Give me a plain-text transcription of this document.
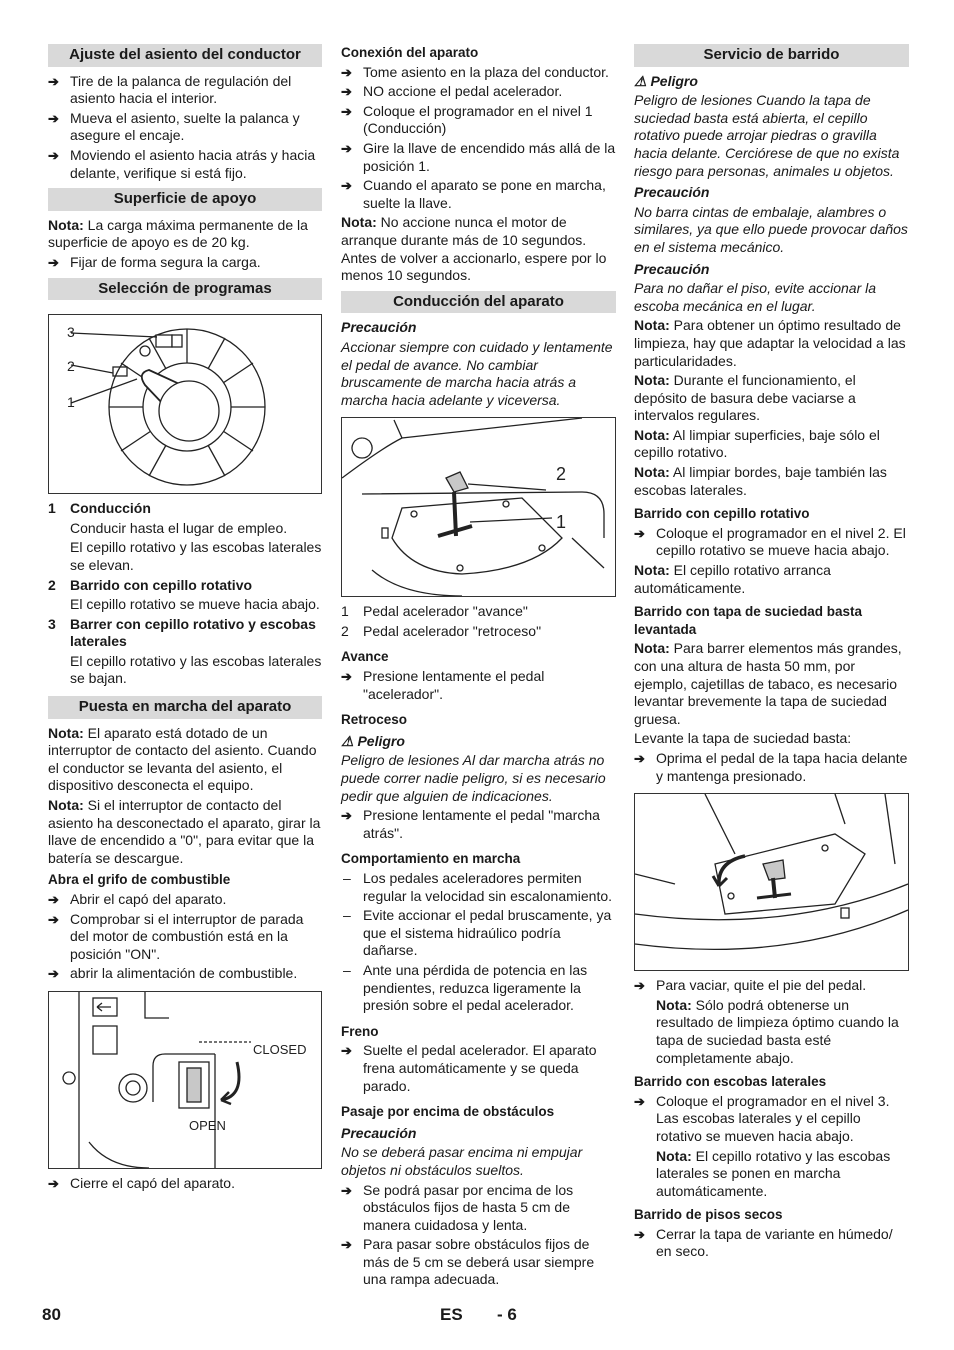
Ajuste del asiento del conductor
➔ Tire de la palanca de regulación del asiento hacia el interior.
➔ Mueva el asiento, suelte la palanca y asegure el encaje.
➔ Moviendo el asiento hacia atrás y hacia delante, verifique si está fijo.
Superficie de apoyo

Nota: La carga máxima permanente de la superficie de apoyo es de 20 kg.

➔ Fijar de forma segura la carga.
Selección de programas
3
2
1
1 Conducción
Conducir hasta el lugar de empleo.
El cepillo rotativo y las escobas laterales se elevan.
2 Barrido con cepillo rotativo
El cepillo rotativo se mueve hacia abajo.
3 Barrer con cepillo rotativo y escobas laterales
El cepillo rotativo y las escobas laterales se bajan.
Puesta en marcha del aparato

Nota: El aparato está dotado de un interruptor de contacto del asiento. Cuando el conductor se levanta del asiento, el dispositivo desconecta el equipo.

Nota: Si el interruptor de contacto del asiento ha desconectado el aparato, girar la llave de encendido a "0", para evitar que la batería se descargue.

Abra el grifo de combustible
➔ Abrir el capó del aparato.
➔ Comprobar si el interruptor de parada del motor de combustión está en la posición "ON".
➔ abrir la alimentación de combustible.
CLOSED
OPEN
➔ Cierre el capó del aparato.
Conexión del aparato
➔ Tome asiento en la plaza del conductor.
➔ NO accione el pedal acelerador.
➔ Coloque el programador en el nivel 1 (Conducción)
➔ Gire la llave de encendido más allá de la posición 1.
➔ Cuando el aparato se pone en marcha, suelte la llave.

Nota: No accione nunca el motor de arranque durante más de 10 segundos. Antes de volver a accionarlo, espere por lo menos 10 segundos.

Conducción del aparato
Precaución

Accionar siempre con cuidado y lentamente el pedal de avance. No cambiar bruscamente de marcha hacia atrás a marcha hacia adelante y viceversa.

2
1
1 Pedal acelerador "avance"
2 Pedal acelerador "retroceso"
Avance
➔ Presione lentamente el pedal "acelerador".
Retroceso
⚠ Peligro

Peligro de lesiones Al dar marcha atrás no puede correr nadie peligro, si es necesario pedir que alguien de indicaciones.

➔ Presione lentamente el pedal "marcha atrás".
Comportamiento en marcha
– Los pedales aceleradores permiten regular la velocidad sin escalonamiento.
– Evite accionar el pedal bruscamente, ya que el sistema hidraúlico podría dañarse.
– Ante una pérdida de potencia en las pendientes, reduzca ligeramente la presión sobre el pedal acelerador.
Freno
➔ Suelte el pedal acelerador. El aparato frena automáticamente y se queda parado.
Pasaje por encima de obstáculos
Precaución

No se deberá pasar encima ni empujar objetos ni obstáculos sueltos.

➔ Se podrá pasar por encima de los obstáculos fijos de hasta 5 cm de manera cuidadosa y lenta.
➔ Para pasar sobre obstáculos fijos de más de 5 cm se deberá usar siempre una rampa adecuada.
Servicio de barrido
⚠ Peligro

Peligro de lesiones Cuando la tapa de suciedad basta está abierta, el cepillo rotativo puede arrojar piedras o gravilla hacia delante. Cerciórese de que no exista riesgo para personas, animales u objetos.

Precaución

No barra cintas de embalaje, alambres o similares, ya que ello puede provocar daños en el sistema mecánico.

Precaución

Para no dañar el piso, evite accionar la escoba mecánica en el lugar.

Nota: Para obtener un óptimo resultado de limpieza, hay que adaptar la velocidad a las particularidades.

Nota: Durante el funcionamiento, el depósito de basura debe vaciarse a intervalos regulares.

Nota: Al limpiar superficies, baje sólo el cepillo rotativo.

Nota: Al limpiar bordes, baje también las escobas laterales.

Barrido con cepillo rotativo
➔ Coloque el programador en el nivel 2. El cepillo rotativo se mueve hacia abajo.

Nota: El cepillo rotativo arranca automáticamente.

Barrido con tapa de suciedad basta levantada

Nota: Para barrer elementos más grandes, con una altura de hasta 50 mm, por ejemplo, cajetillas de tabaco, es necesario levantar brevemente la tapa de suciedad gruesa.

Levante la tapa de suciedad basta:

➔ Oprima el pedal de la tapa hacia delante y mantenga presionado.
➔ Para vaciar, quite el pie del pedal.

Nota: Sólo podrá obtenerse un resultado de limpieza óptimo cuando la tapa de suciedad basta esté completamente abajo.

Barrido con escobas laterales
➔ Coloque el programador en el nivel 3. Las escobas laterales y el cepillo rotativo se mueven hacia abajo.

Nota: El cepillo rotativo y las escobas laterales se ponen en marcha automáticamente.

Barrido de pisos secos
➔ Cerrar la tapa de variante en húmedo/ en seco.
80	ES - 6
